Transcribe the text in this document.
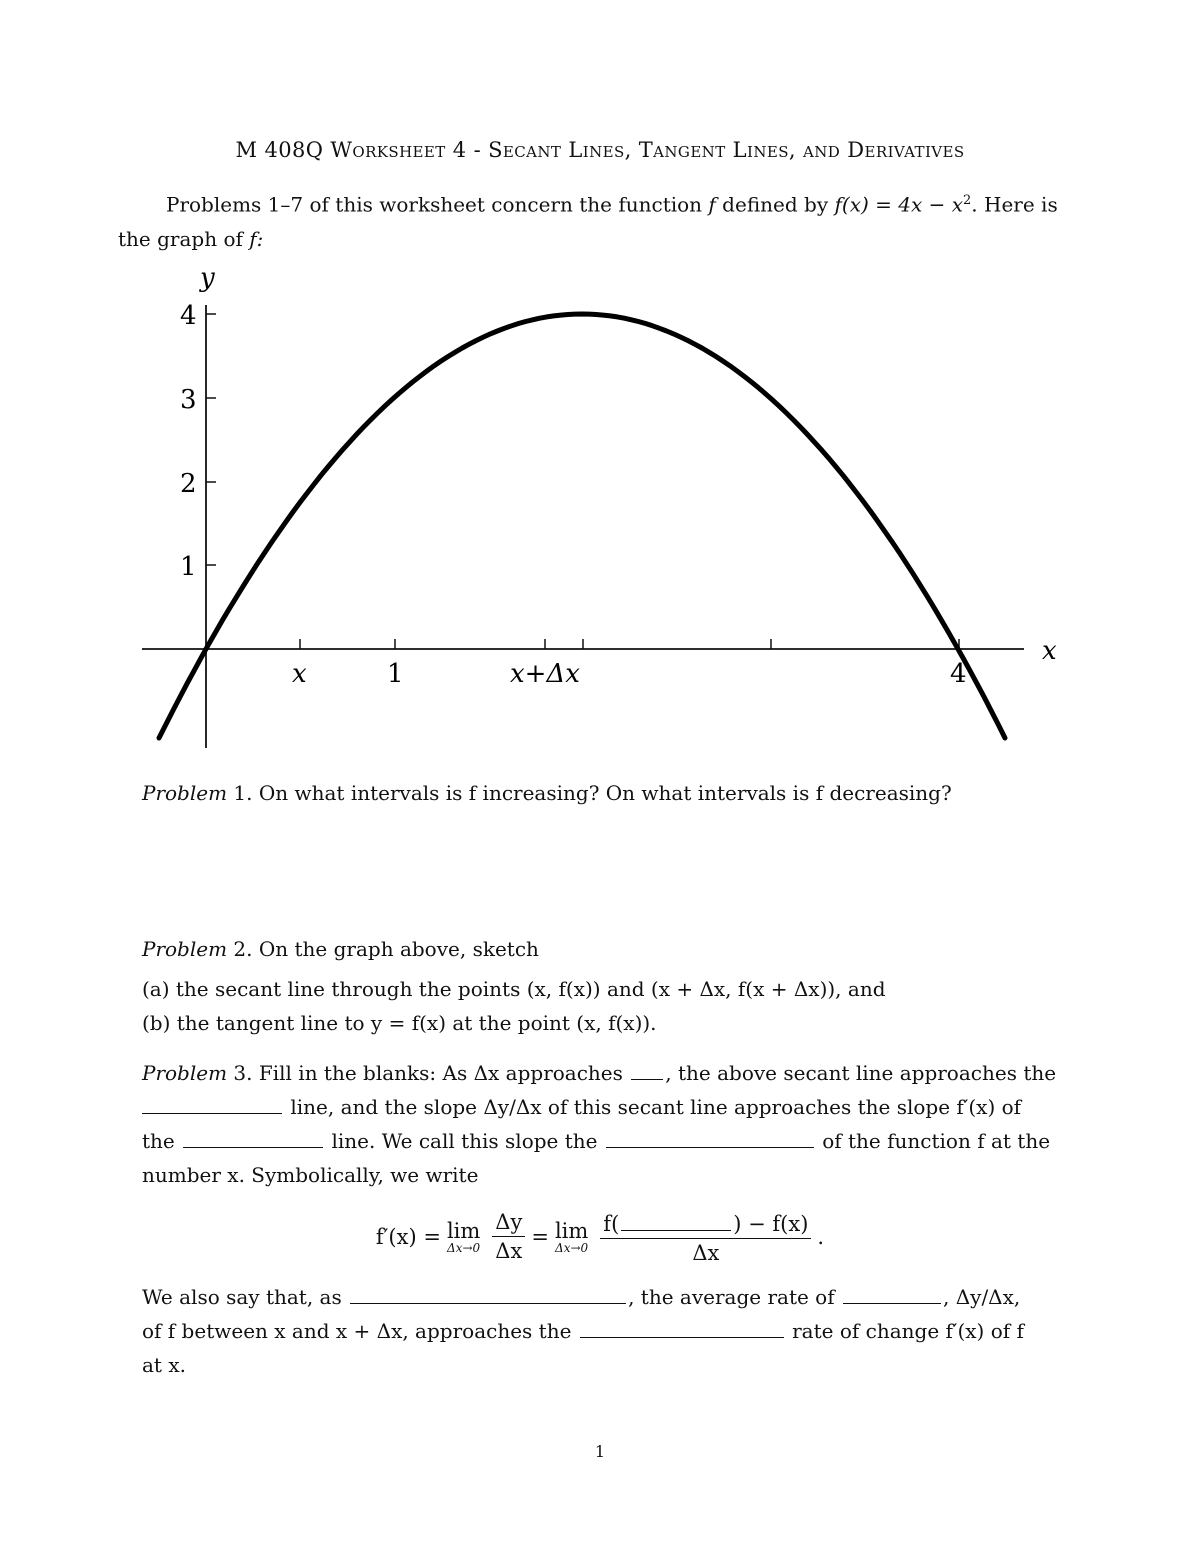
M 408Q Worksheet 4 - Secant Lines, Tangent Lines, and Derivatives
Problems 1–7 of this worksheet concern the function f defined by $f(x) = 4x - x^2$. Here is
the graph of f:
y
x
4
3
2
1
x	1	x+Δx	4
Problem 1. On what intervals is f increasing? On what intervals is f decreasing?
Problem 2. On the graph above, sketch
(a) the secant line through the points (x, f(x)) and (x + Δx, f(x + Δx)), and
(b) the tangent line to y = f(x) at the point (x, f(x)).
Problem 3. Fill in the blanks: As Δx approaches , the above secant line approaches the
line, and the slope Δy/Δx of this secant line approaches the slope f′(x) of
the	line. We call this slope the	of the function f at the
number x. Symbolically, we write
f′(x) = lim
$\Delta x\to 0 \frac{\Delta y}{\Delta x} = \lim$
Δx→0 f(	) − f(x)
Δx .
We also say that, as	, the average rate of	, Δy/Δx,
of f between x and x + Δx, approaches the	rate of change f′(x) of f
at x.
1
